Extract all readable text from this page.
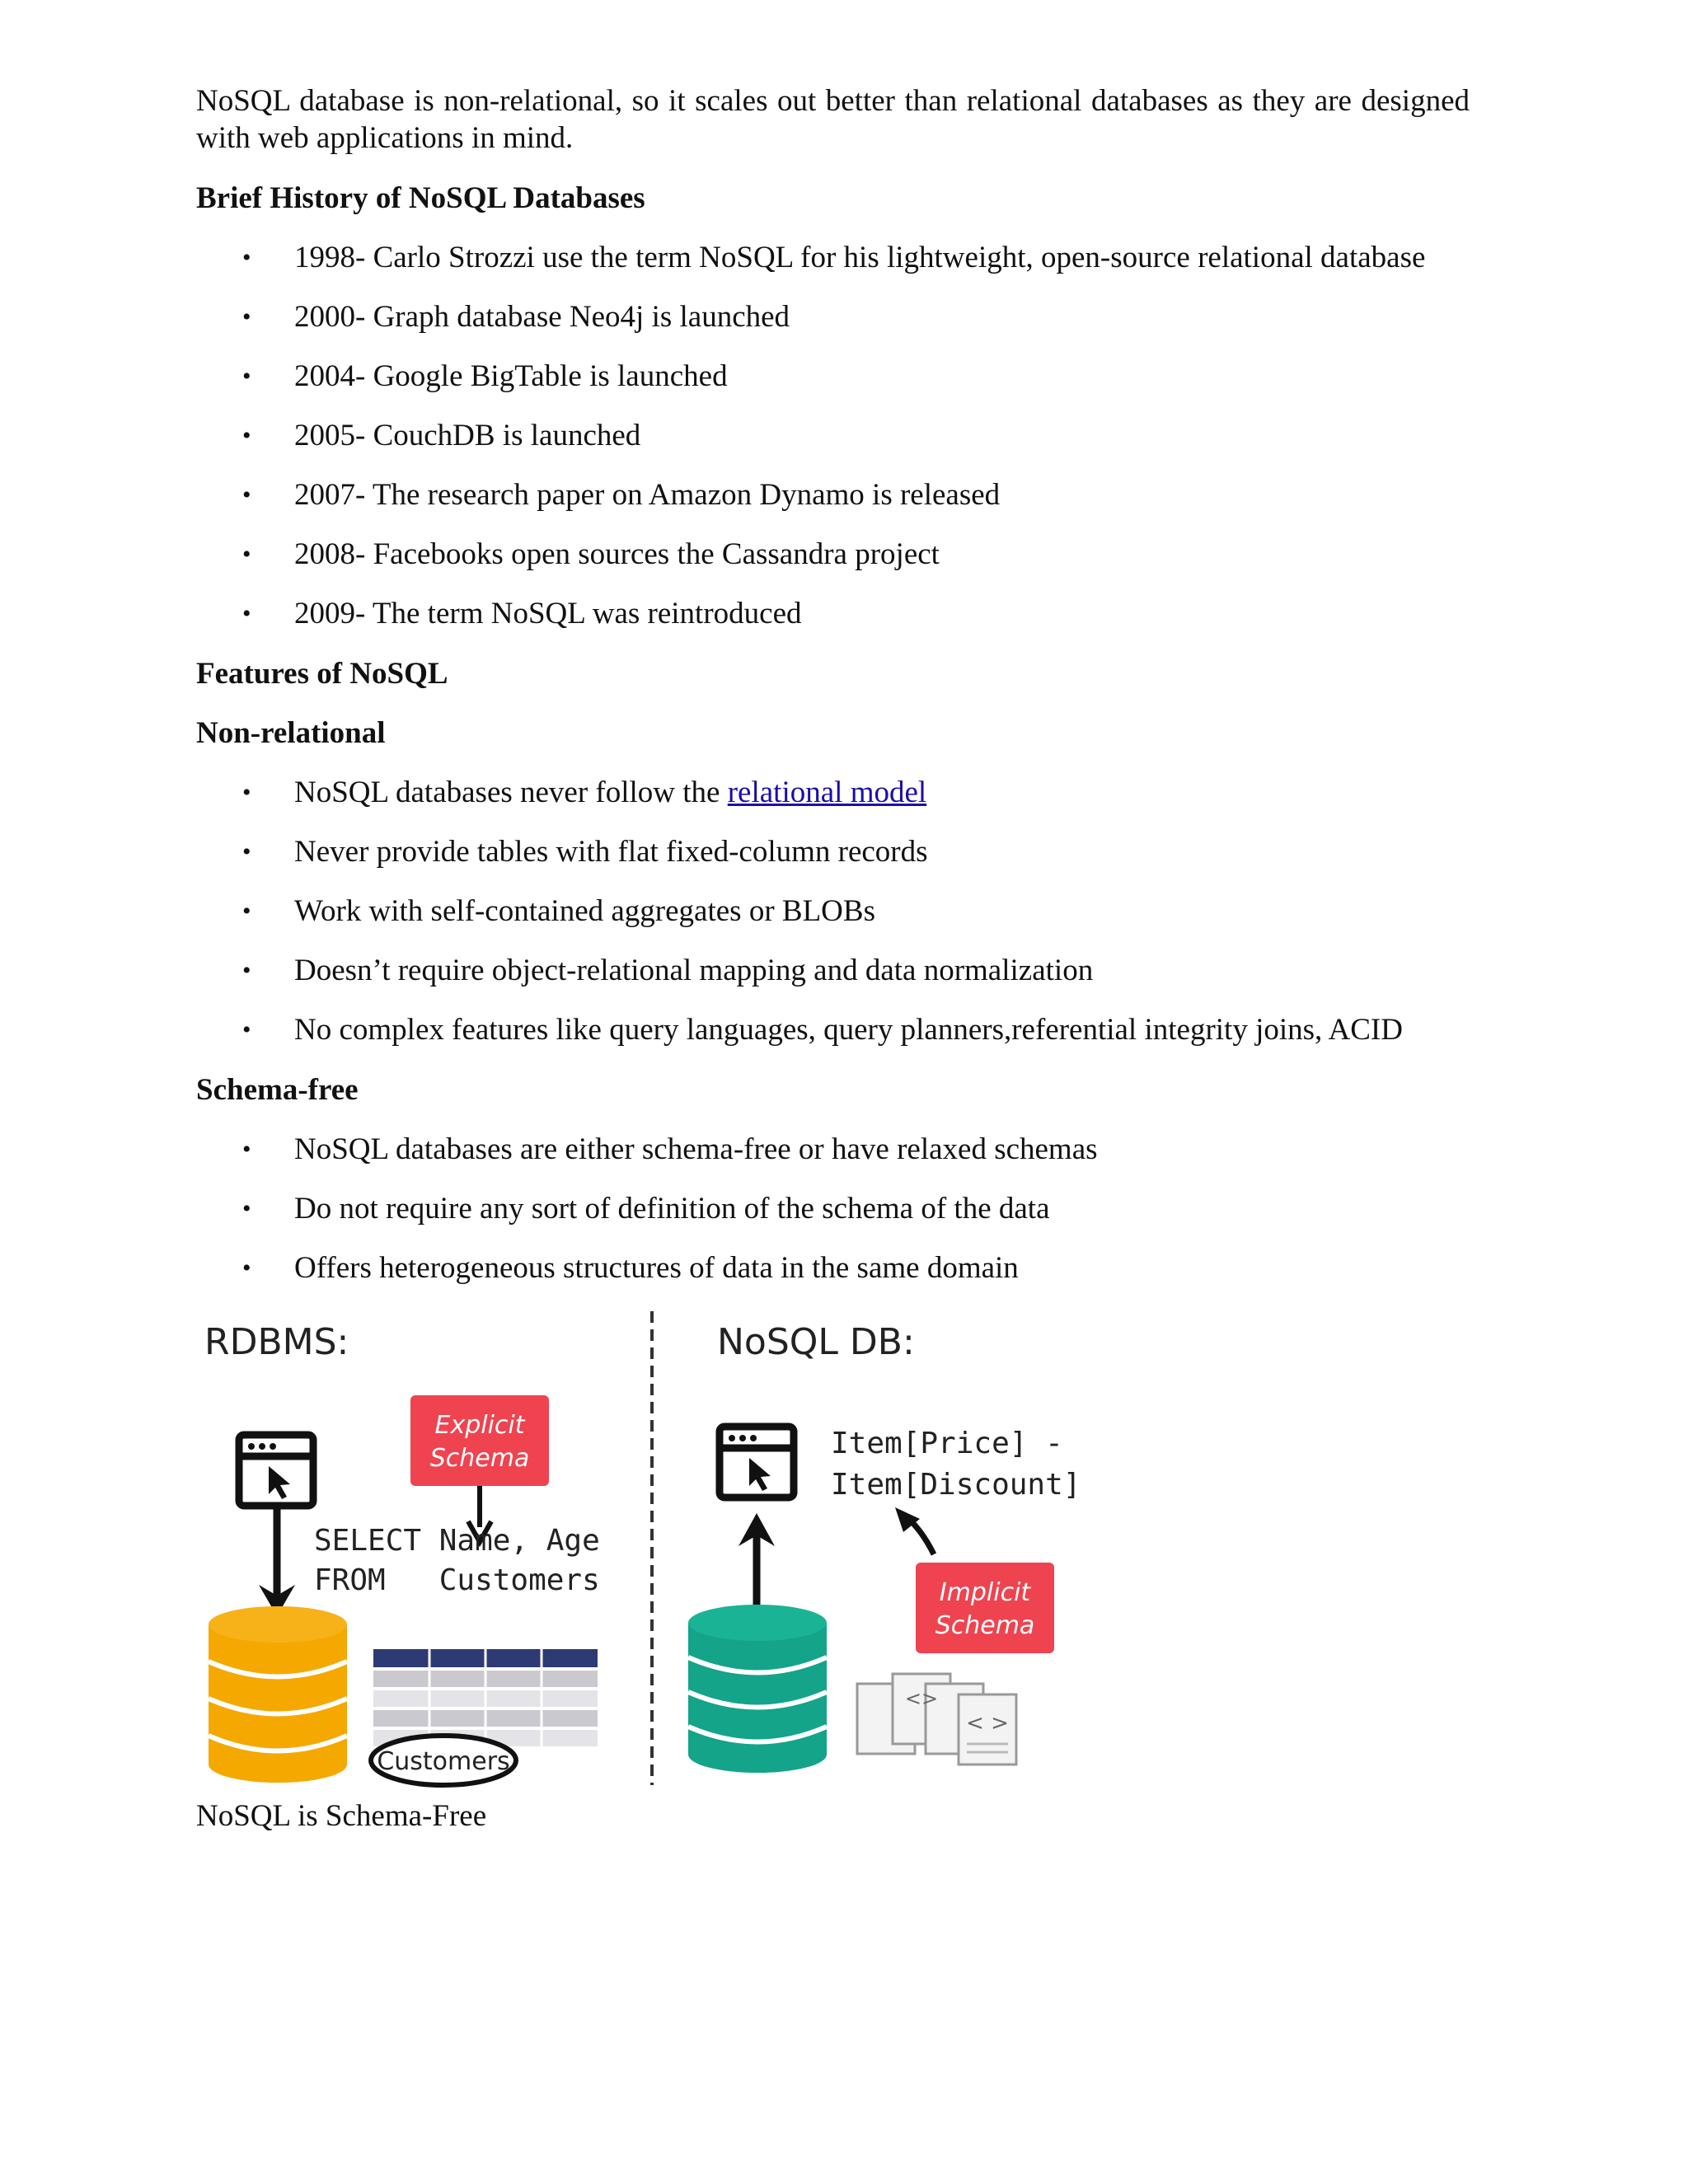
NoSQL database is non-relational, so it scales out better than relational databases as they are designed with web applications in mind.

Brief History of NoSQL Databases
• 1998- Carlo Strozzi use the term NoSQL for his lightweight, open-source relational database
• 2000- Graph database Neo4j is launched
• 2004- Google BigTable is launched
• 2005- CouchDB is launched
• 2007- The research paper on Amazon Dynamo is released
• 2008- Facebooks open sources the Cassandra project
• 2009- The term NoSQL was reintroduced
Features of NoSQL
Non-relational
• NoSQL databases never follow the relational model
• Never provide tables with flat fixed-column records
• Work with self-contained aggregates or BLOBs
• Doesn’t require object-relational mapping and data normalization
• No complex features like query languages, query planners,referential integrity joins, ACID
Schema-free
• NoSQL databases are either schema-free or have relaxed schemas
• Do not require any sort of definition of the schema of the data
• Offers heterogeneous structures of data in the same domain
RDBMS:	NoSQL DB:
Explicit
Schema
SELECT Name, Age
FROM   Customers
Customers
Item[Price] -
Item[Discount]
Implicit
Schema
<>
< >

NoSQL is Schema-Free
